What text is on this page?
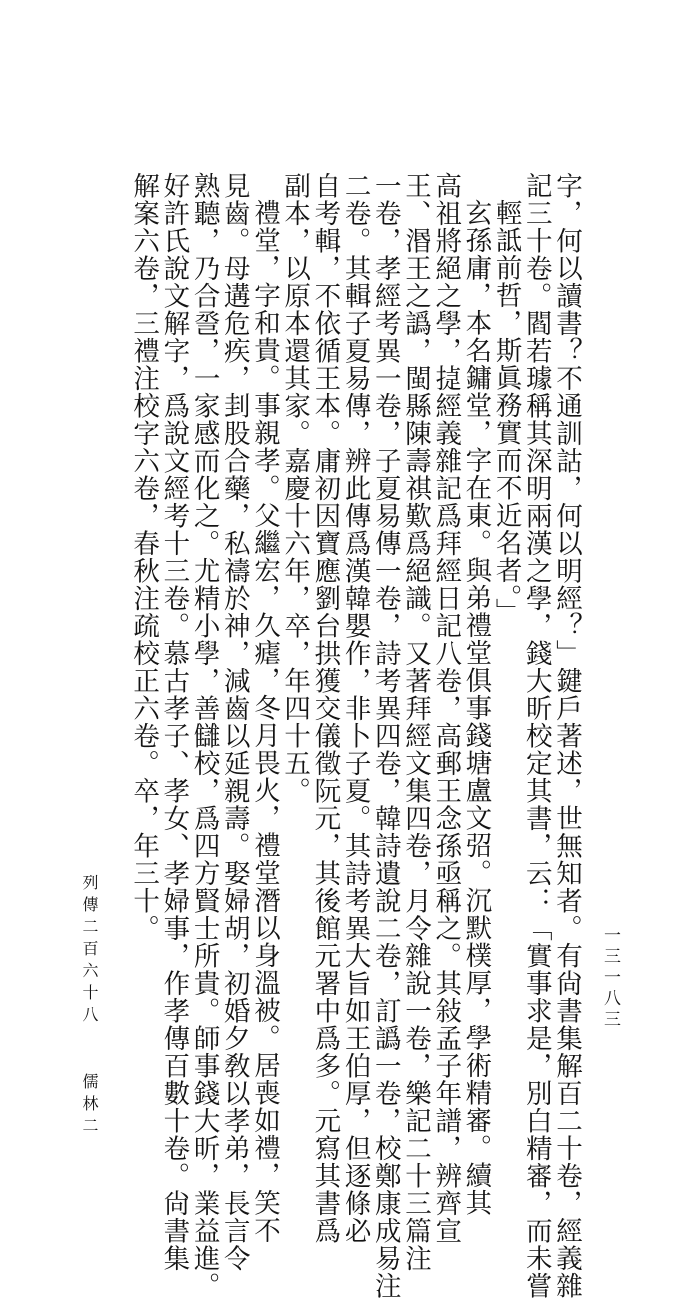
字，何以讀書？不通訓詁，何以明經？」鍵戶著述，世無知者。有尙書集解百二十卷，經義雜
記三十卷。閻若璩稱其深明兩漢之學，錢大昕校定其書，云：「實事求是，別白精審，而未嘗
輕詆前哲，斯眞務實而不近名者。」
玄孫庸，本名鏞堂，字在東。與弟禮堂俱事錢塘盧文弨。沉默樸厚，學術精審。續其
高祖將絕之學，㨗經義雜記爲拜經日記八卷，高郵王念孫亟稱之。其敍孟子年譜，辨齊宣
王、湣王之譌，閩縣陳壽祺歎爲絕識。又著拜經文集四卷，月令雜說一卷，樂記二十三篇注
一卷，孝經考異一卷，子夏易傳一卷，詩考異四卷，韓詩遺說二卷，訂譌一卷，校鄭康成易注
二卷。其輯子夏易傳，辨此傳爲漢韓嬰作，非卜子夏。其詩考異大旨如王伯厚，但逐條必
自考輯，不依循王本。庸初因寶應劉台拱獲交儀徵阮元，其後館元署中爲多。元寫其書爲
副本，以原本還其家。嘉慶十六年，卒，年四十五。
禮堂，字和貴。事親孝。父繼宏，久瘧，冬月畏火，禮堂潛以身溫被。居喪如禮，笑不
見齒。母遘危疾，刲股合藥，私禱於神，減齒以延親壽。娶婦胡，初婚夕敎以孝弟，長言令
熟聽，乃合巹，一家感而化之。尤精小學，善讎校，爲四方賢士所貴。師事錢大昕，業益進。
好許氏說文解字，爲說文經考十三卷。慕古孝子、孝女、孝婦事，作孝傳百數十卷。尙書集
解案六卷，三禮注校字六卷，春秋注疏校正六卷。卒，年三十。
列傳二百六十八 儒林二
一三一八三
